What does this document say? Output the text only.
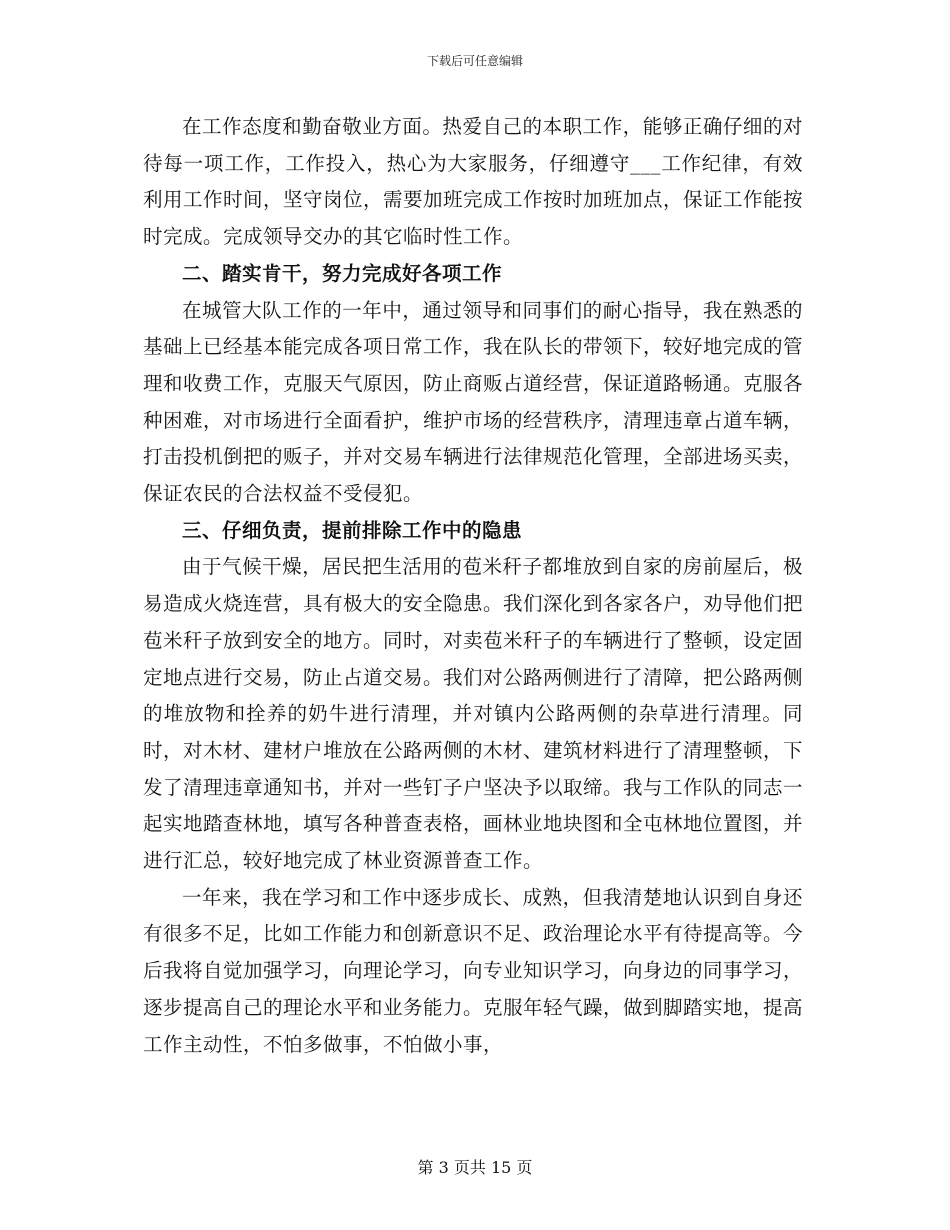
下载后可任意编辑

在工作态度和勤奋敬业方面。热爱自己的本职工作，能够正确仔细的对待每一项工作，工作投入，热心为大家服务，仔细遵守___工作纪律，有效利用工作时间，坚守岗位，需要加班完成工作按时加班加点，保证工作能按时完成。完成领导交办的其它临时性工作。

二、踏实肯干，努力完成好各项工作

在城管大队工作的一年中，通过领导和同事们的耐心指导，我在熟悉的基础上已经基本能完成各项日常工作，我在队长的带领下，较好地完成的管理和收费工作，克服天气原因，防止商贩占道经营，保证道路畅通。克服各种困难，对市场进行全面看护，维护市场的经营秩序，清理违章占道车辆，打击投机倒把的贩子，并对交易车辆进行法律规范化管理，全部进场买卖，保证农民的合法权益不受侵犯。

三、仔细负责，提前排除工作中的隐患

由于气候干燥，居民把生活用的苞米秆子都堆放到自家的房前屋后，极易造成火烧连营，具有极大的安全隐患。我们深化到各家各户，劝导他们把苞米秆子放到安全的地方。同时，对卖苞米秆子的车辆进行了整顿，设定固定地点进行交易，防止占道交易。我们对公路两侧进行了清障，把公路两侧的堆放物和拴养的奶牛进行清理，并对镇内公路两侧的杂草进行清理。同时，对木材、建材户堆放在公路两侧的木材、建筑材料进行了清理整顿，下发了清理违章通知书，并对一些钉子户坚决予以取缔。我与工作队的同志一起实地踏查林地，填写各种普查表格，画林业地块图和全屯林地位置图，并进行汇总，较好地完成了林业资源普查工作。

一年来，我在学习和工作中逐步成长、成熟，但我清楚地认识到自身还有很多不足，比如工作能力和创新意识不足、政治理论水平有待提高等。今后我将自觉加强学习，向理论学习，向专业知识学习，向身边的同事学习，逐步提高自己的理论水平和业务能力。克服年轻气躁，做到脚踏实地，提高工作主动性，不怕多做事，不怕做小事，

第 3 页共 15 页
